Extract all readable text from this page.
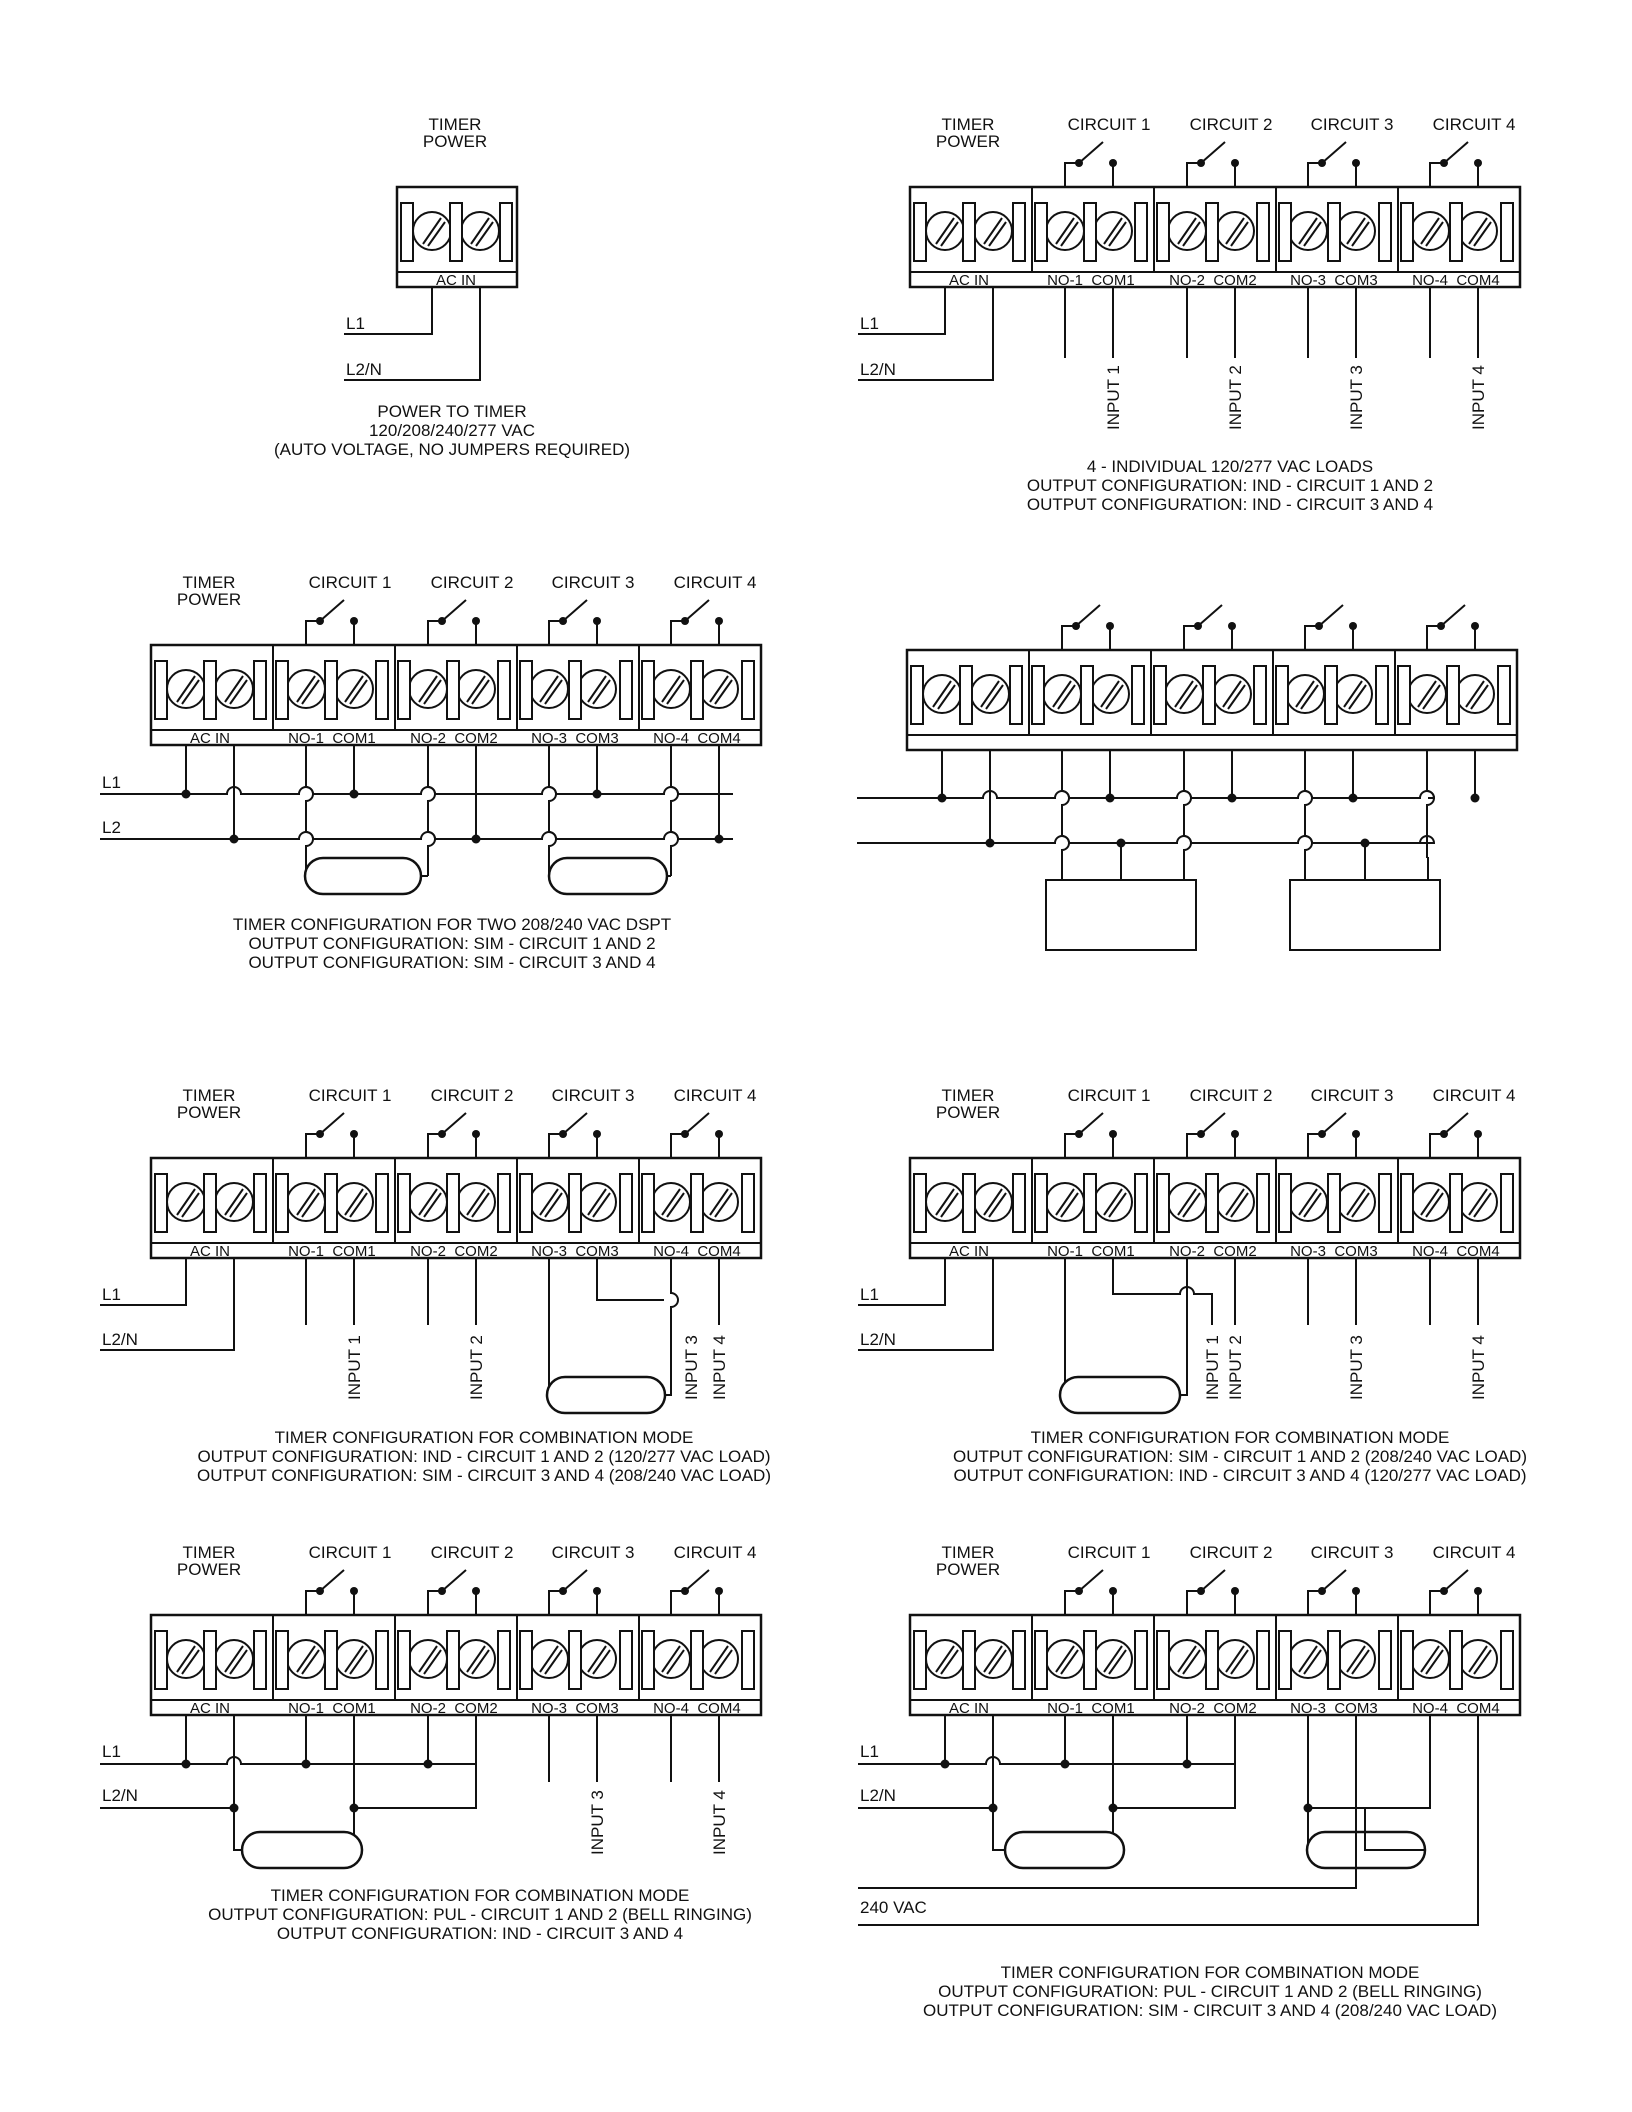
AC IN
TIMER
POWER
L1
L2/N
POWER TO TIMER
120/208/240/277 VAC
(AUTO VOLTAGE, NO JUMPERS REQUIRED)
AC IN	NO-1 COM1 NO-2 COM2 NO-3 COM3 NO-4 COM4
TIMER
POWER
CIRCUIT 1 CIRCUIT 2 CIRCUIT 3 CIRCUIT 4
L1
L2/N	INPUT 1	INPUT 2	INPUT 3	INPUT 4
4 - INDIVIDUAL 120/277 VAC LOADS
OUTPUT CONFIGURATION: IND - CIRCUIT 1 AND 2
OUTPUT CONFIGURATION: IND - CIRCUIT 3 AND 4
AC IN	NO-1 COM1 NO-2 COM2 NO-3 COM3 NO-4 COM4
TIMER
POWER
CIRCUIT 1 CIRCUIT 2 CIRCUIT 3 CIRCUIT 4
L1
L2
TIMER CONFIGURATION FOR TWO 208/240 VAC DSPT
OUTPUT CONFIGURATION: SIM - CIRCUIT 1 AND 2
OUTPUT CONFIGURATION: SIM - CIRCUIT 3 AND 4
AC IN	NO-1 COM1 NO-2 COM2 NO-3 COM3 NO-4 COM4
TIMER
POWER
CIRCUIT 1 CIRCUIT 2 CIRCUIT 3 CIRCUIT 4
L1
L2/N	INPUT 1	INPUT 2	INPUT 3 INPUT 4
TIMER CONFIGURATION FOR COMBINATION MODE
OUTPUT CONFIGURATION: IND - CIRCUIT 1 AND 2 (120/277 VAC LOAD)
OUTPUT CONFIGURATION: SIM - CIRCUIT 3 AND 4 (208/240 VAC LOAD)
AC IN	NO-1 COM1 NO-2 COM2 NO-3 COM3 NO-4 COM4
TIMER
POWER
CIRCUIT 1 CIRCUIT 2 CIRCUIT 3 CIRCUIT 4
L1
L2/N	INPUT 1 INPUT 2	INPUT 3	INPUT 4
TIMER CONFIGURATION FOR COMBINATION MODE
OUTPUT CONFIGURATION: SIM - CIRCUIT 1 AND 2 (208/240 VAC LOAD)
OUTPUT CONFIGURATION: IND - CIRCUIT 3 AND 4 (120/277 VAC LOAD)
AC IN	NO-1 COM1 NO-2 COM2 NO-3 COM3 NO-4 COM4
TIMER
POWER
CIRCUIT 1 CIRCUIT 2 CIRCUIT 3 CIRCUIT 4
L1
L2/N	INPUT 3	INPUT 4
TIMER CONFIGURATION FOR COMBINATION MODE
OUTPUT CONFIGURATION: PUL - CIRCUIT 1 AND 2 (BELL RINGING)
OUTPUT CONFIGURATION: IND - CIRCUIT 3 AND 4
AC IN	NO-1 COM1 NO-2 COM2 NO-3 COM3 NO-4 COM4
TIMER
POWER
CIRCUIT 1 CIRCUIT 2 CIRCUIT 3 CIRCUIT 4
L1
L2/N
240 VAC
TIMER CONFIGURATION FOR COMBINATION MODE
OUTPUT CONFIGURATION: PUL - CIRCUIT 1 AND 2 (BELL RINGING)
OUTPUT CONFIGURATION: SIM - CIRCUIT 3 AND 4 (208/240 VAC LOAD)
